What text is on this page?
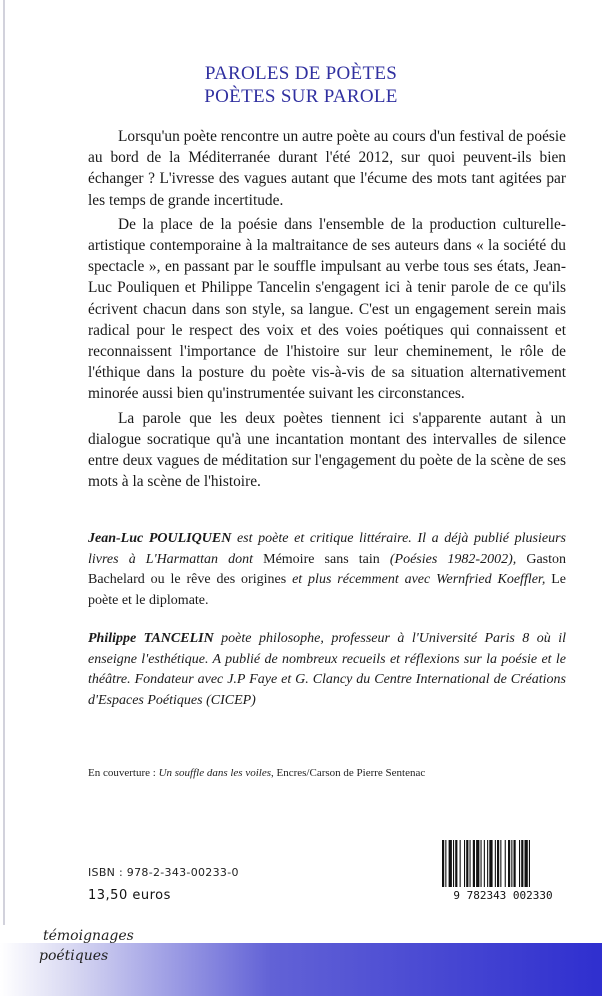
PAROLES DE POÈTES
POÈTES SUR PAROLE

Lorsqu'un poète rencontre un autre poète au cours d'un festival de poésie au bord de la Méditerranée durant l'été 2012, sur quoi peuvent-ils bien échanger ? L'ivresse des vagues autant que l'écume des mots tant agitées par les temps de grande incertitude.

De la place de la poésie dans l'ensemble de la production culturelle-artistique contemporaine à la maltraitance de ses auteurs dans « la société du spectacle », en passant par le souffle impulsant au verbe tous ses états, Jean-Luc Pouliquen et Philippe Tancelin s'engagent ici à tenir parole de ce qu'ils écrivent chacun dans son style, sa langue. C'est un engagement serein mais radical pour le respect des voix et des voies poétiques qui connaissent et reconnaissent l'importance de l'histoire sur leur cheminement, le rôle de l'éthique dans la posture du poète vis-à-vis de sa situation alternativement minorée aussi bien qu'instrumentée suivant les circonstances.

La parole que les deux poètes tiennent ici s'apparente autant à un dialogue socratique qu'à une incantation montant des intervalles de silence entre deux vagues de méditation sur l'engagement du poète de la scène de ses mots à la scène de l'histoire.

Jean-Luc POULIQUEN est poète et critique littéraire. Il a déjà publié plusieurs livres à L'Harmattan dont Mémoire sans tain (Poésies 1982-2002), Gaston Bachelard ou le rêve des origines et plus récemment avec Wernfried Koeffler, Le poète et le diplomate.
Philippe TANCELIN poète philosophe, professeur à l'Université Paris 8 où il enseigne l'esthétique. A publié de nombreux recueils et réflexions sur la poésie et le théâtre. Fondateur avec J.P Faye et G. Clancy du Centre International de Créations d'Espaces Poétiques (CICEP)
En couverture : Un souffle dans les voiles, Encres/Carson de Pierre Sentenac
ISBN : 978-2-343-00233-0
13,50 euros	9 782343 002330
témoignages
poétiques
